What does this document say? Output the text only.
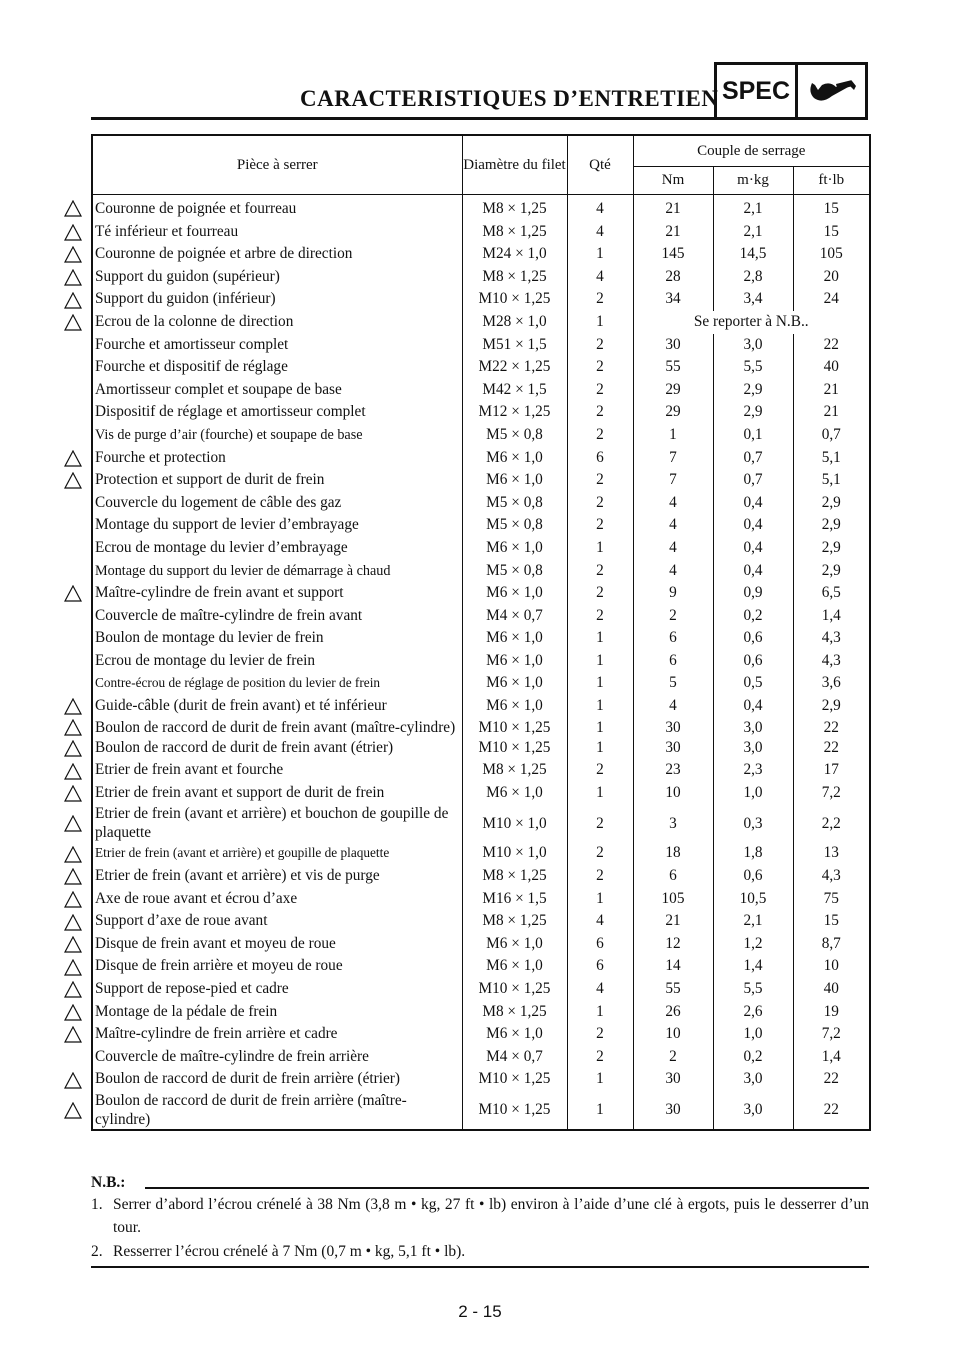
CARACTERISTIQUES D’ENTRETIEN SPEC
Pièce à serrer	Diamètre du filet	Qté	Couple de serrage		
			Nm	m·kg	ft·lb
Couronne de poignée et fourreau	M8 × 1,25	4	21	2,1	15
Té inférieur et fourreau	M8 × 1,25	4	21	2,1	15
Couronne de poignée et arbre de direction	M24 × 1,0	1	145	14,5	105
Support du guidon (supérieur)	M8 × 1,25	4	28	2,8	20
Support du guidon (inférieur)	M10 × 1,25	2	34	3,4	24
Ecrou de la colonne de direction	M28 × 1,0	1	Se reporter à N.B..		
Fourche et amortisseur complet	M51 × 1,5	2	30	3,0	22
Fourche et dispositif de réglage	M22 × 1,25	2	55	5,5	40
Amortisseur complet et soupape de base	M42 × 1,5	2	29	2,9	21
Dispositif de réglage et amortisseur complet	M12 × 1,25	2	29	2,9	21
Vis de purge d’air (fourche) et soupape de base	M5 × 0,8	2	1	0,1	0,7
Fourche et protection	M6 × 1,0	6	7	0,7	5,1
Protection et support de durit de frein	M6 × 1,0	2	7	0,7	5,1
Couvercle du logement de câble des gaz	M5 × 0,8	2	4	0,4	2,9
Montage du support de levier d’embrayage	M5 × 0,8	2	4	0,4	2,9
Ecrou de montage du levier d’embrayage	M6 × 1,0	1	4	0,4	2,9
Montage du support du levier de démarrage à chaud	M5 × 0,8	2	4	0,4	2,9
Maître-cylindre de frein avant et support	M6 × 1,0	2	9	0,9	6,5
Couvercle de maître-cylindre de frein avant	M4 × 0,7	2	2	0,2	1,4
Boulon de montage du levier de frein	M6 × 1,0	1	6	0,6	4,3
Ecrou de montage du levier de frein	M6 × 1,0	1	6	0,6	4,3
Contre-écrou de réglage de position du levier de frein	M6 × 1,0	1	5	0,5	3,6
Guide-câble (durit de frein avant) et té inférieur	M6 × 1,0	1	4	0,4	2,9
Boulon de raccord de durit de frein avant (maître-cylindre)	M10 × 1,25	1	30	3,0	22
Boulon de raccord de durit de frein avant (étrier)	M10 × 1,25	1	30	3,0	22
Etrier de frein avant et fourche	M8 × 1,25	2	23	2,3	17
Etrier de frein avant et support de durit de frein	M6 × 1,0	1	10	1,0	7,2
Etrier de frein (avant et arrière) et bouchon de goupille de plaquette	M10 × 1,0	2	3	0,3	2,2
Etrier de frein (avant et arrière) et goupille de plaquette	M10 × 1,0	2	18	1,8	13
Etrier de frein (avant et arrière) et vis de purge	M8 × 1,25	2	6	0,6	4,3
Axe de roue avant et écrou d’axe	M16 × 1,5	1	105	10,5	75
Support d’axe de roue avant	M8 × 1,25	4	21	2,1	15
Disque de frein avant et moyeu de roue	M6 × 1,0	6	12	1,2	8,7
Disque de frein arrière et moyeu de roue	M6 × 1,0	6	14	1,4	10
Support de repose-pied et cadre	M10 × 1,25	4	55	5,5	40
Montage de la pédale de frein	M8 × 1,25	1	26	2,6	19
Maître-cylindre de frein arrière et cadre	M6 × 1,0	2	10	1,0	7,2
Couvercle de maître-cylindre de frein arrière	M4 × 0,7	2	2	0,2	1,4
Boulon de raccord de durit de frein arrière (étrier)	M10 × 1,25	1	30	3,0	22
Boulon de raccord de durit de frein arrière (maître-cylindre)	M10 × 1,25	1	30	3,0	22
N.B.:
1. Serrer d’abord l’écrou crénelé à 38 Nm (3,8 m • kg, 27 ft • lb) environ à l’aide d’une clé à ergots, puis le desserrer d’un tour.
2. Resserrer l’écrou crénelé à 7 Nm (0,7 m • kg, 5,1 ft • lb).
2 - 15
